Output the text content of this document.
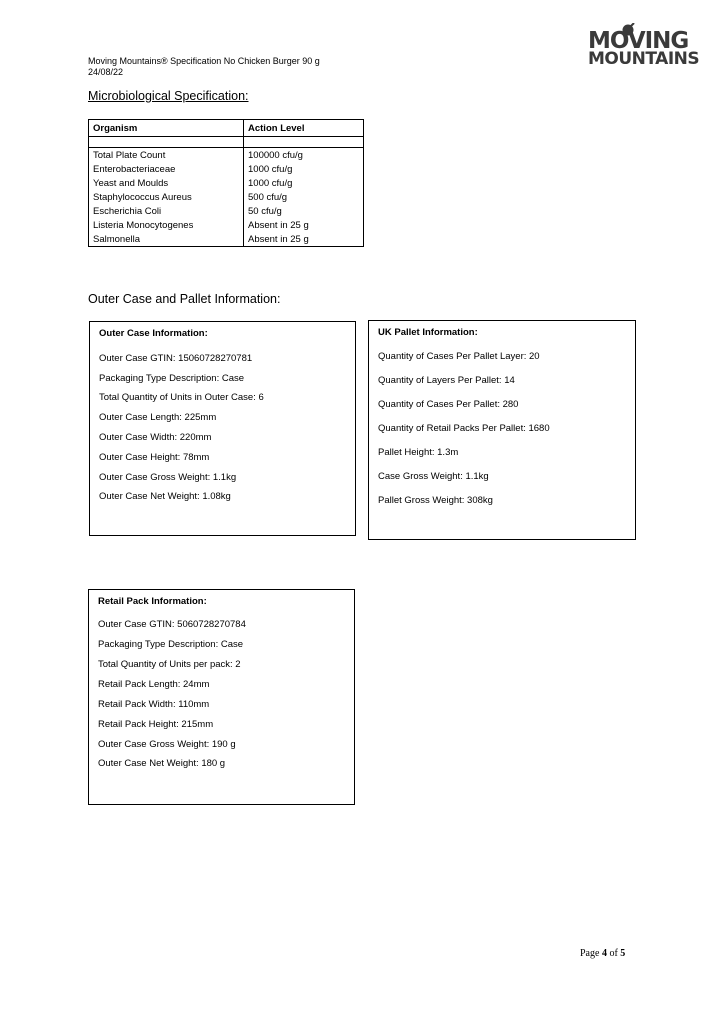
Moving Mountains® Specification No Chicken Burger 90 g
24/08/22
MOVING
MOUNTAINS
Microbiological Specification:
Organism	Action Level

Total Plate Count	100000 cfu/g
Enterobacteriaceae	1000 cfu/g
Yeast and Moulds	1000 cfu/g
Staphylococcus Aureus	500 cfu/g
Escherichia Coli	50 cfu/g
Listeria Monocytogenes	Absent in 25 g
Salmonella	Absent in 25 g
Outer Case and Pallet Information:
Outer Case Information:
Outer Case GTIN: 15060728270781
Packaging Type Description: Case
Total Quantity of Units in Outer Case: 6
Outer Case Length: 225mm
Outer Case Width: 220mm
Outer Case Height: 78mm
Outer Case Gross Weight: 1.1kg
Outer Case Net Weight: 1.08kg
UK Pallet Information:
Quantity of Cases Per Pallet Layer: 20
Quantity of Layers Per Pallet: 14
Quantity of Cases Per Pallet: 280
Quantity of Retail Packs Per Pallet: 1680
Pallet Height: 1.3m
Case Gross Weight: 1.1kg
Pallet Gross Weight: 308kg
Retail Pack Information:
Outer Case GTIN: 5060728270784
Packaging Type Description: Case
Total Quantity of Units per pack: 2
Retail Pack Length: 24mm
Retail Pack Width: 110mm
Retail Pack Height: 215mm
Outer Case Gross Weight: 190 g
Outer Case Net Weight: 180 g
Page 4 of 5
